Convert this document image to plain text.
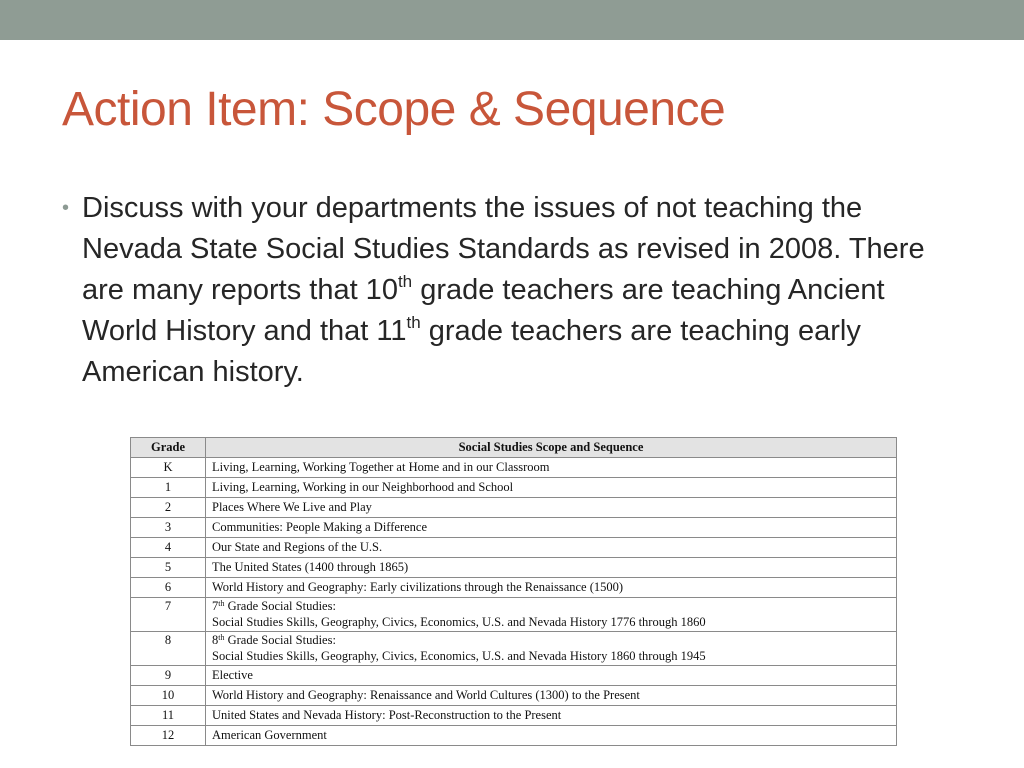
Action Item: Scope & Sequence
• Discuss with your departments the issues of not teaching the Nevada State Social Studies Standards as revised in 2008. There are many reports that 10th grade teachers are teaching Ancient World History and that 11th grade teachers are teaching early American history.
Grade	Social Studies Scope and Sequence
K	Living, Learning, Working Together at Home and in our Classroom
1	Living, Learning, Working in our Neighborhood and School
2	Places Where We Live and Play
3	Communities: People Making a Difference
4	Our State and Regions of the U.S.
5	The United States (1400 through 1865)
6	World History and Geography: Early civilizations through the Renaissance (1500)
7	7th Grade Social Studies:
Social Studies Skills, Geography, Civics, Economics, U.S. and Nevada History 1776 through 1860
8	8th Grade Social Studies:
Social Studies Skills, Geography, Civics, Economics, U.S. and Nevada History 1860 through 1945
9	Elective
10	World History and Geography: Renaissance and World Cultures (1300) to the Present
11	United States and Nevada History: Post-Reconstruction to the Present
12	American Government
